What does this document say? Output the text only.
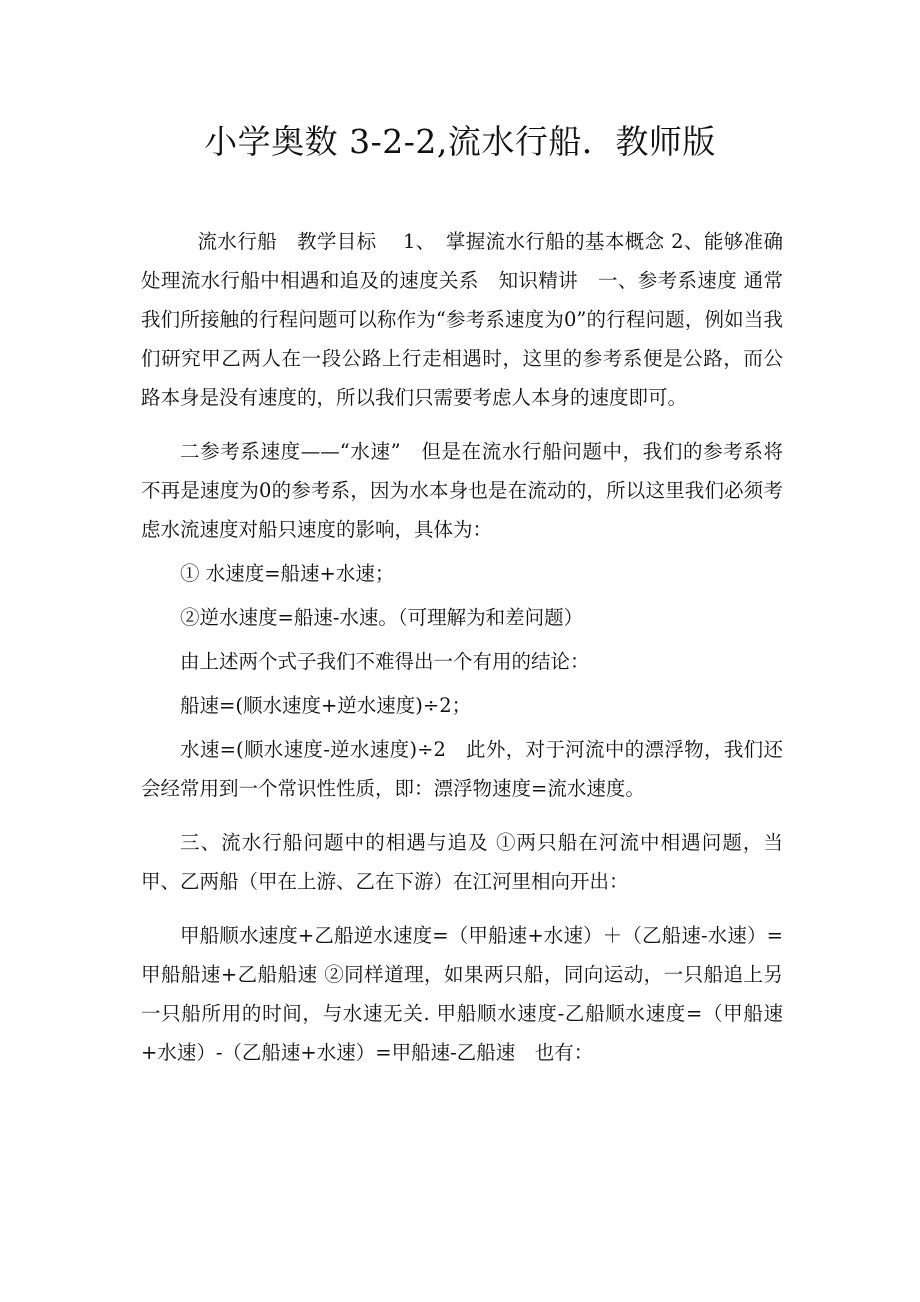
小学奥数 3-2-2,流水行船．教师版

流水行船　教学目标　 1、　掌握流水行船的基本概念 2、能够准确处理流水行船中相遇和追及的速度关系　知识精讲　一、参考系速度 通常我们所接触的行程问题可以称作为“参考系速度为0”的行程问题，例如当我们研究甲乙两人在一段公路上行走相遇时，这里的参考系便是公路，而公路本身是没有速度的，所以我们只需要考虑人本身的速度即可。

二参考系速度——“水速”　但是在流水行船问题中，我们的参考系将不再是速度为0的参考系，因为水本身也是在流动的，所以这里我们必须考虑水流速度对船只速度的影响，具体为：

① 水速度=船速+水速；

②逆水速度=船速-水速。（可理解为和差问题）

由上述两个式子我们不难得出一个有用的结论：

船速=(顺水速度+逆水速度)÷2；

水速=(顺水速度-逆水速度)÷2　此外，对于河流中的漂浮物，我们还会经常用到一个常识性性质，即：漂浮物速度=流水速度。

三、流水行船问题中的相遇与追及 ①两只船在河流中相遇问题，当甲、乙两船（甲在上游、乙在下游）在江河里相向开出：

甲船顺水速度+乙船逆水速度=（甲船速+水速）＋（乙船速-水速）=甲船船速+乙船船速 ②同样道理，如果两只船，同向运动，一只船追上另一只船所用的时间，与水速无关. 甲船顺水速度-乙船顺水速度=（甲船速+水速）-（乙船速+水速）=甲船速-乙船速　也有：
